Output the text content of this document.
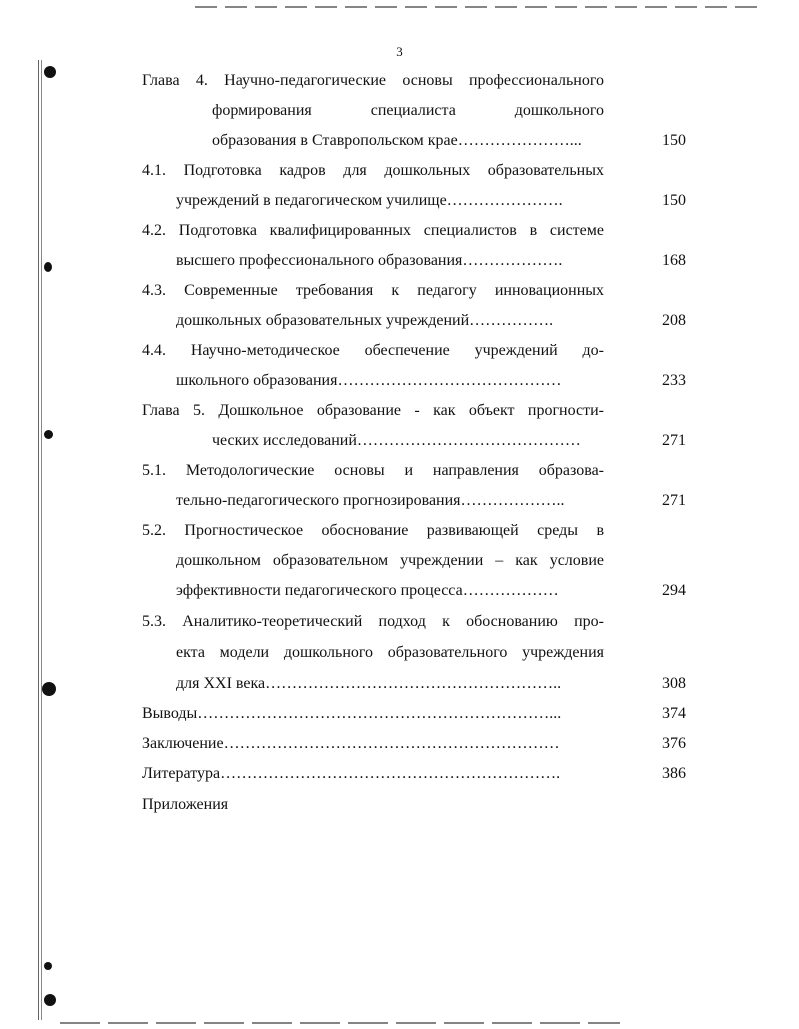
3
Глава 4. Научно-педагогические основы профессионального
формирования специалиста дошкольного
образования в Ставропольском крае…………………...	150
4.1. Подготовка кадров для дошкольных образовательных
учреждений в педагогическом училище………………….	150
4.2. Подготовка квалифицированных специалистов в системе
высшего профессионального образования……………….	168
4.3. Современные требования к педагогу инновационных
дошкольных образовательных учреждений…………….	208
4.4. Научно-методическое обеспечение учреждений до-
школьного образования……………………………………	233
Глава 5. Дошкольное образование - как объект прогности-
ческих исследований……………………………………	271
5.1. Методологические основы и направления образова-
тельно-педагогического прогнозирования………………..	271
5.2. Прогностическое обоснование развивающей среды в
дошкольном образовательном учреждении – как условие
эффективности педагогического процесса………………	294
5.3. Аналитико-теоретический подход к обоснованию про-
екта модели дошкольного образовательного учреждения
для XXI века………………………………………………..	308
Выводы…………………………………………………………...	374
Заключение………………………………………………………	376
Литература……………………………………………………….	386
Приложения
